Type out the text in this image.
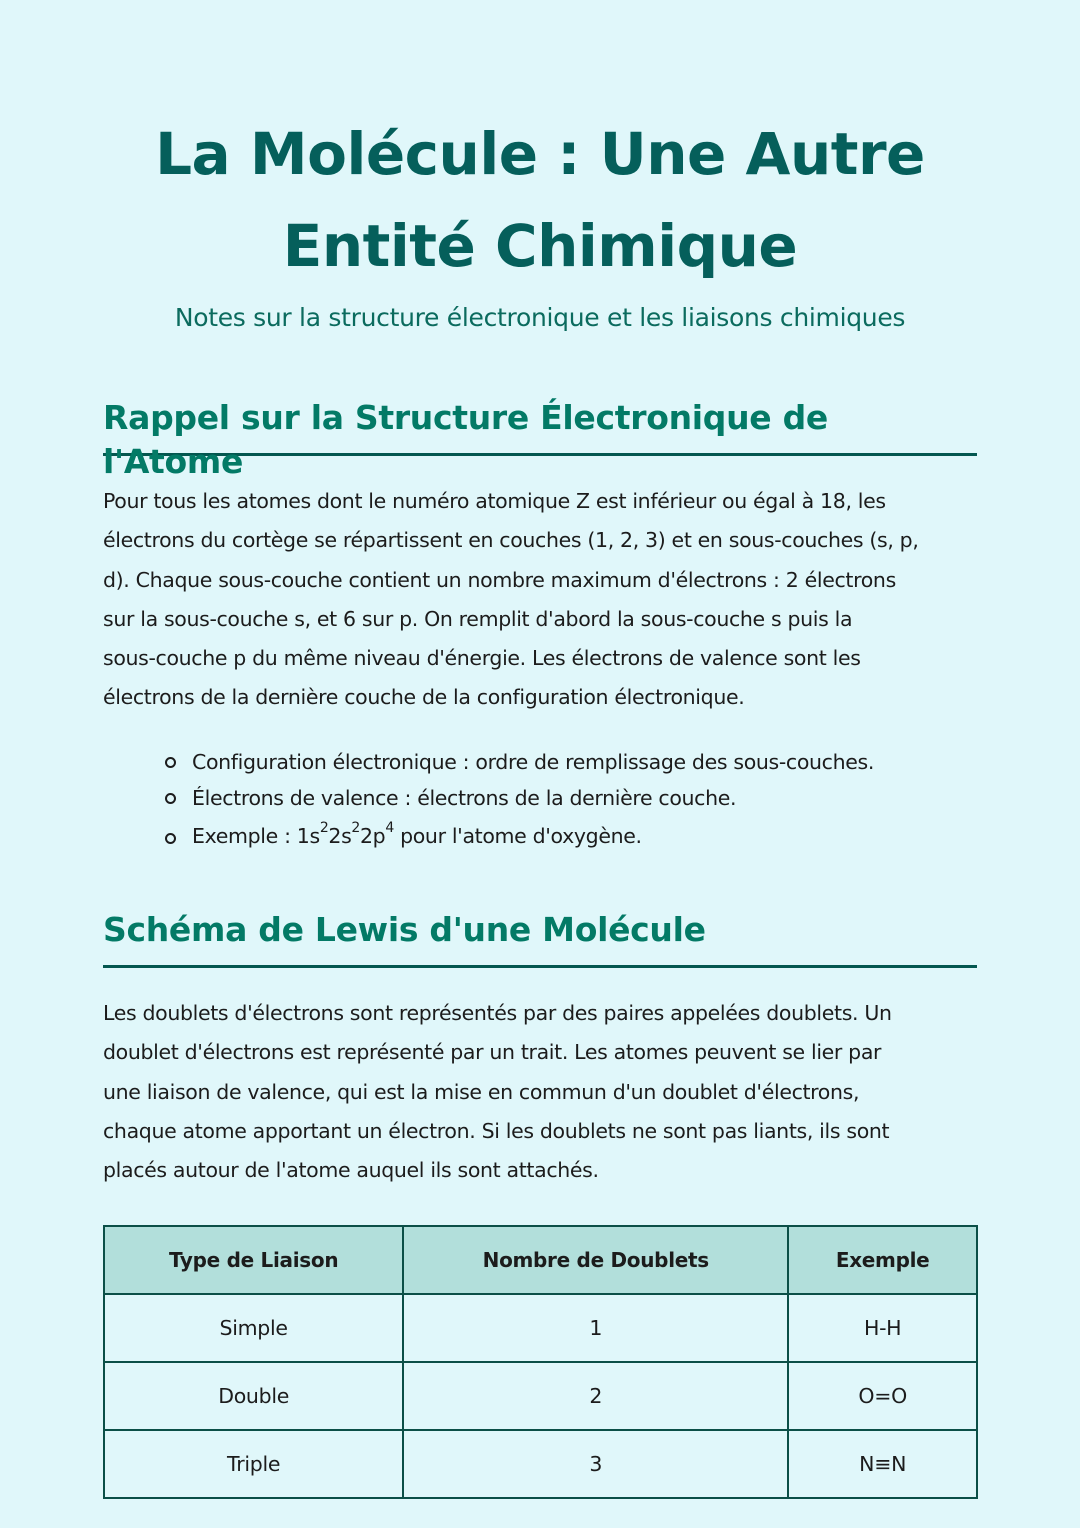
La Molécule : Une Autre
Entité Chimique
Notes sur la structure électronique et les liaisons chimiques
Rappel sur la Structure Électronique de l'Atome
Pour tous les atomes dont le numéro atomique Z est inférieur ou égal à 18, les
électrons du cortège se répartissent en couches (1, 2, 3) et en sous-couches (s, p,
d). Chaque sous-couche contient un nombre maximum d'électrons : 2 électrons
sur la sous-couche s, et 6 sur p. On remplit d'abord la sous-couche s puis la
sous-couche p du même niveau d'énergie. Les électrons de valence sont les
électrons de la dernière couche de la configuration électronique.
Configuration électronique : ordre de remplissage des sous-couches.
Électrons de valence : électrons de la dernière couche.
Exemple : $1s^22s^22p^4$ pour l'atome d'oxygène.
Schéma de Lewis d'une Molécule
Les doublets d'électrons sont représentés par des paires appelées doublets. Un
doublet d'électrons est représenté par un trait. Les atomes peuvent se lier par
une liaison de valence, qui est la mise en commun d'un doublet d'électrons,
chaque atome apportant un électron. Si les doublets ne sont pas liants, ils sont
placés autour de l'atome auquel ils sont attachés.
Type de Liaison	Nombre de Doublets	Exemple
Simple	1	H-H
Double	2	O=O
Triple	3	N≡N
